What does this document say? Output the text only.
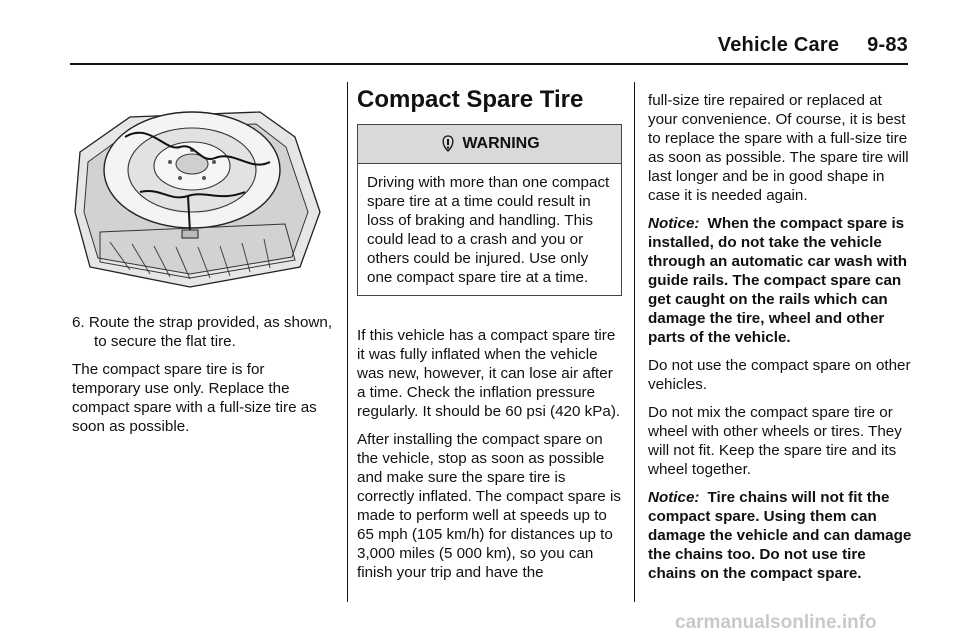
Vehicle Care 9-83

6. Route the strap provided, as shown, to secure the flat tire.

The compact spare tire is for temporary use only. Replace the compact spare with a full-size tire as soon as possible.

Compact Spare Tire
WARNING
Driving with more than one compact spare tire at a time could result in loss of braking and handling. This could lead to a crash and you or others could be injured. Use only one compact spare tire at a time.

If this vehicle has a compact spare tire it was fully inflated when the vehicle was new, however, it can lose air after a time. Check the inflation pressure regularly. It should be 60 psi (420 kPa).

After installing the compact spare on the vehicle, stop as soon as possible and make sure the spare tire is correctly inflated. The compact spare is made to perform well at speeds up to 65 mph (105 km/h) for distances up to 3,000 miles (5 000 km), so you can finish your trip and have the

full-size tire repaired or replaced at your convenience. Of course, it is best to replace the spare with a full-size tire as soon as possible. The spare tire will last longer and be in good shape in case it is needed again.

Notice: When the compact spare is installed, do not take the vehicle through an automatic car wash with guide rails. The compact spare can get caught on the rails which can damage the tire, wheel and other parts of the vehicle.

Do not use the compact spare on other vehicles.

Do not mix the compact spare tire or wheel with other wheels or tires. They will not fit. Keep the spare tire and its wheel together.

Notice: Tire chains will not fit the compact spare. Using them can damage the vehicle and can damage the chains too. Do not use tire chains on the compact spare.

carmanualsonline.info
